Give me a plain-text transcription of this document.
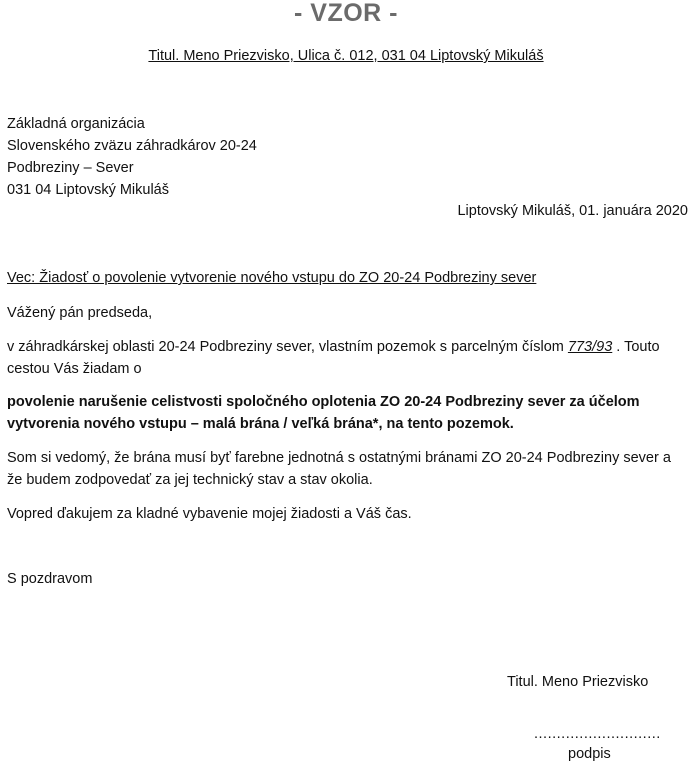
- VZOR -
Titul. Meno Priezvisko, Ulica č. 012, 031 04 Liptovský Mikuláš
Základná organizácia
Slovenského zväzu záhradkárov 20-24
Podbreziny – Sever
031 04 Liptovský Mikuláš
Liptovský Mikuláš, 01. januára 2020
Vec: Žiadosť o povolenie vytvorenie nového vstupu do ZO 20-24 Podbreziny sever
Vážený pán predseda,
v záhradkárskej oblasti 20-24 Podbreziny sever, vlastním pozemok s parcelným číslom 773/93 . Touto cestou Vás žiadam o
povolenie narušenie celistvosti spoločného oplotenia ZO 20-24 Podbreziny sever za účelom vytvorenia nového vstupu – malá brána / veľká brána*, na tento pozemok.
Som si vedomý, že brána musí byť farebne jednotná s ostatnými bránami ZO 20-24 Podbreziny sever a že budem zodpovedať za jej technický stav a stav okolia.
Vopred ďakujem za kladné vybavenie mojej žiadosti a Váš čas.
S pozdravom
Titul. Meno Priezvisko
............................
podpis
